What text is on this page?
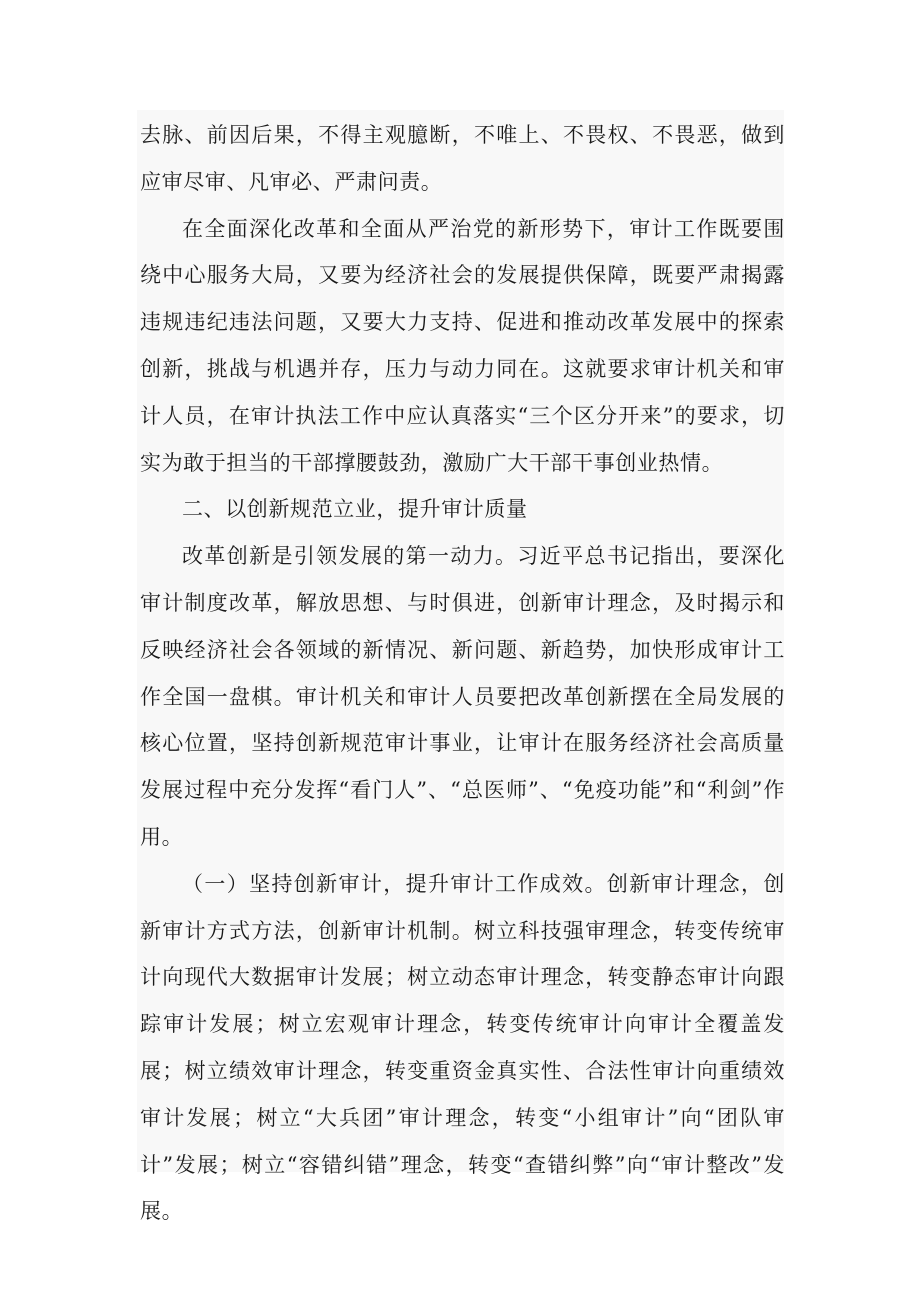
去脉、前因后果，不得主观臆断，不唯上、不畏权、不畏恶，做到应审尽审、凡审必、严肃问责。

在全面深化改革和全面从严治党的新形势下，审计工作既要围绕中心服务大局，又要为经济社会的发展提供保障，既要严肃揭露违规违纪违法问题，又要大力支持、促进和推动改革发展中的探索创新，挑战与机遇并存，压力与动力同在。这就要求审计机关和审计人员，在审计执法工作中应认真落实“三个区分开来”的要求，切实为敢于担当的干部撑腰鼓劲，激励广大干部干事创业热情。

二、以创新规范立业，提升审计质量

改革创新是引领发展的第一动力。习近平总书记指出，要深化审计制度改革，解放思想、与时俱进，创新审计理念，及时揭示和反映经济社会各领域的新情况、新问题、新趋势，加快形成审计工作全国一盘棋。审计机关和审计人员要把改革创新摆在全局发展的核心位置，坚持创新规范审计事业，让审计在服务经济社会高质量发展过程中充分发挥“看门人”、“总医师”、“免疫功能”和“利剑”作用。

（一）坚持创新审计，提升审计工作成效。创新审计理念，创新审计方式方法，创新审计机制。树立科技强审理念，转变传统审计向现代大数据审计发展；树立动态审计理念，转变静态审计向跟踪审计发展；树立宏观审计理念，转变传统审计向审计全覆盖发展；树立绩效审计理念，转变重资金真实性、合法性审计向重绩效审计发展；树立“大兵团”审计理念，转变“小组审计”向“团队审计”发展；树立“容错纠错”理念，转变“查错纠弊”向“审计整改”发展。
